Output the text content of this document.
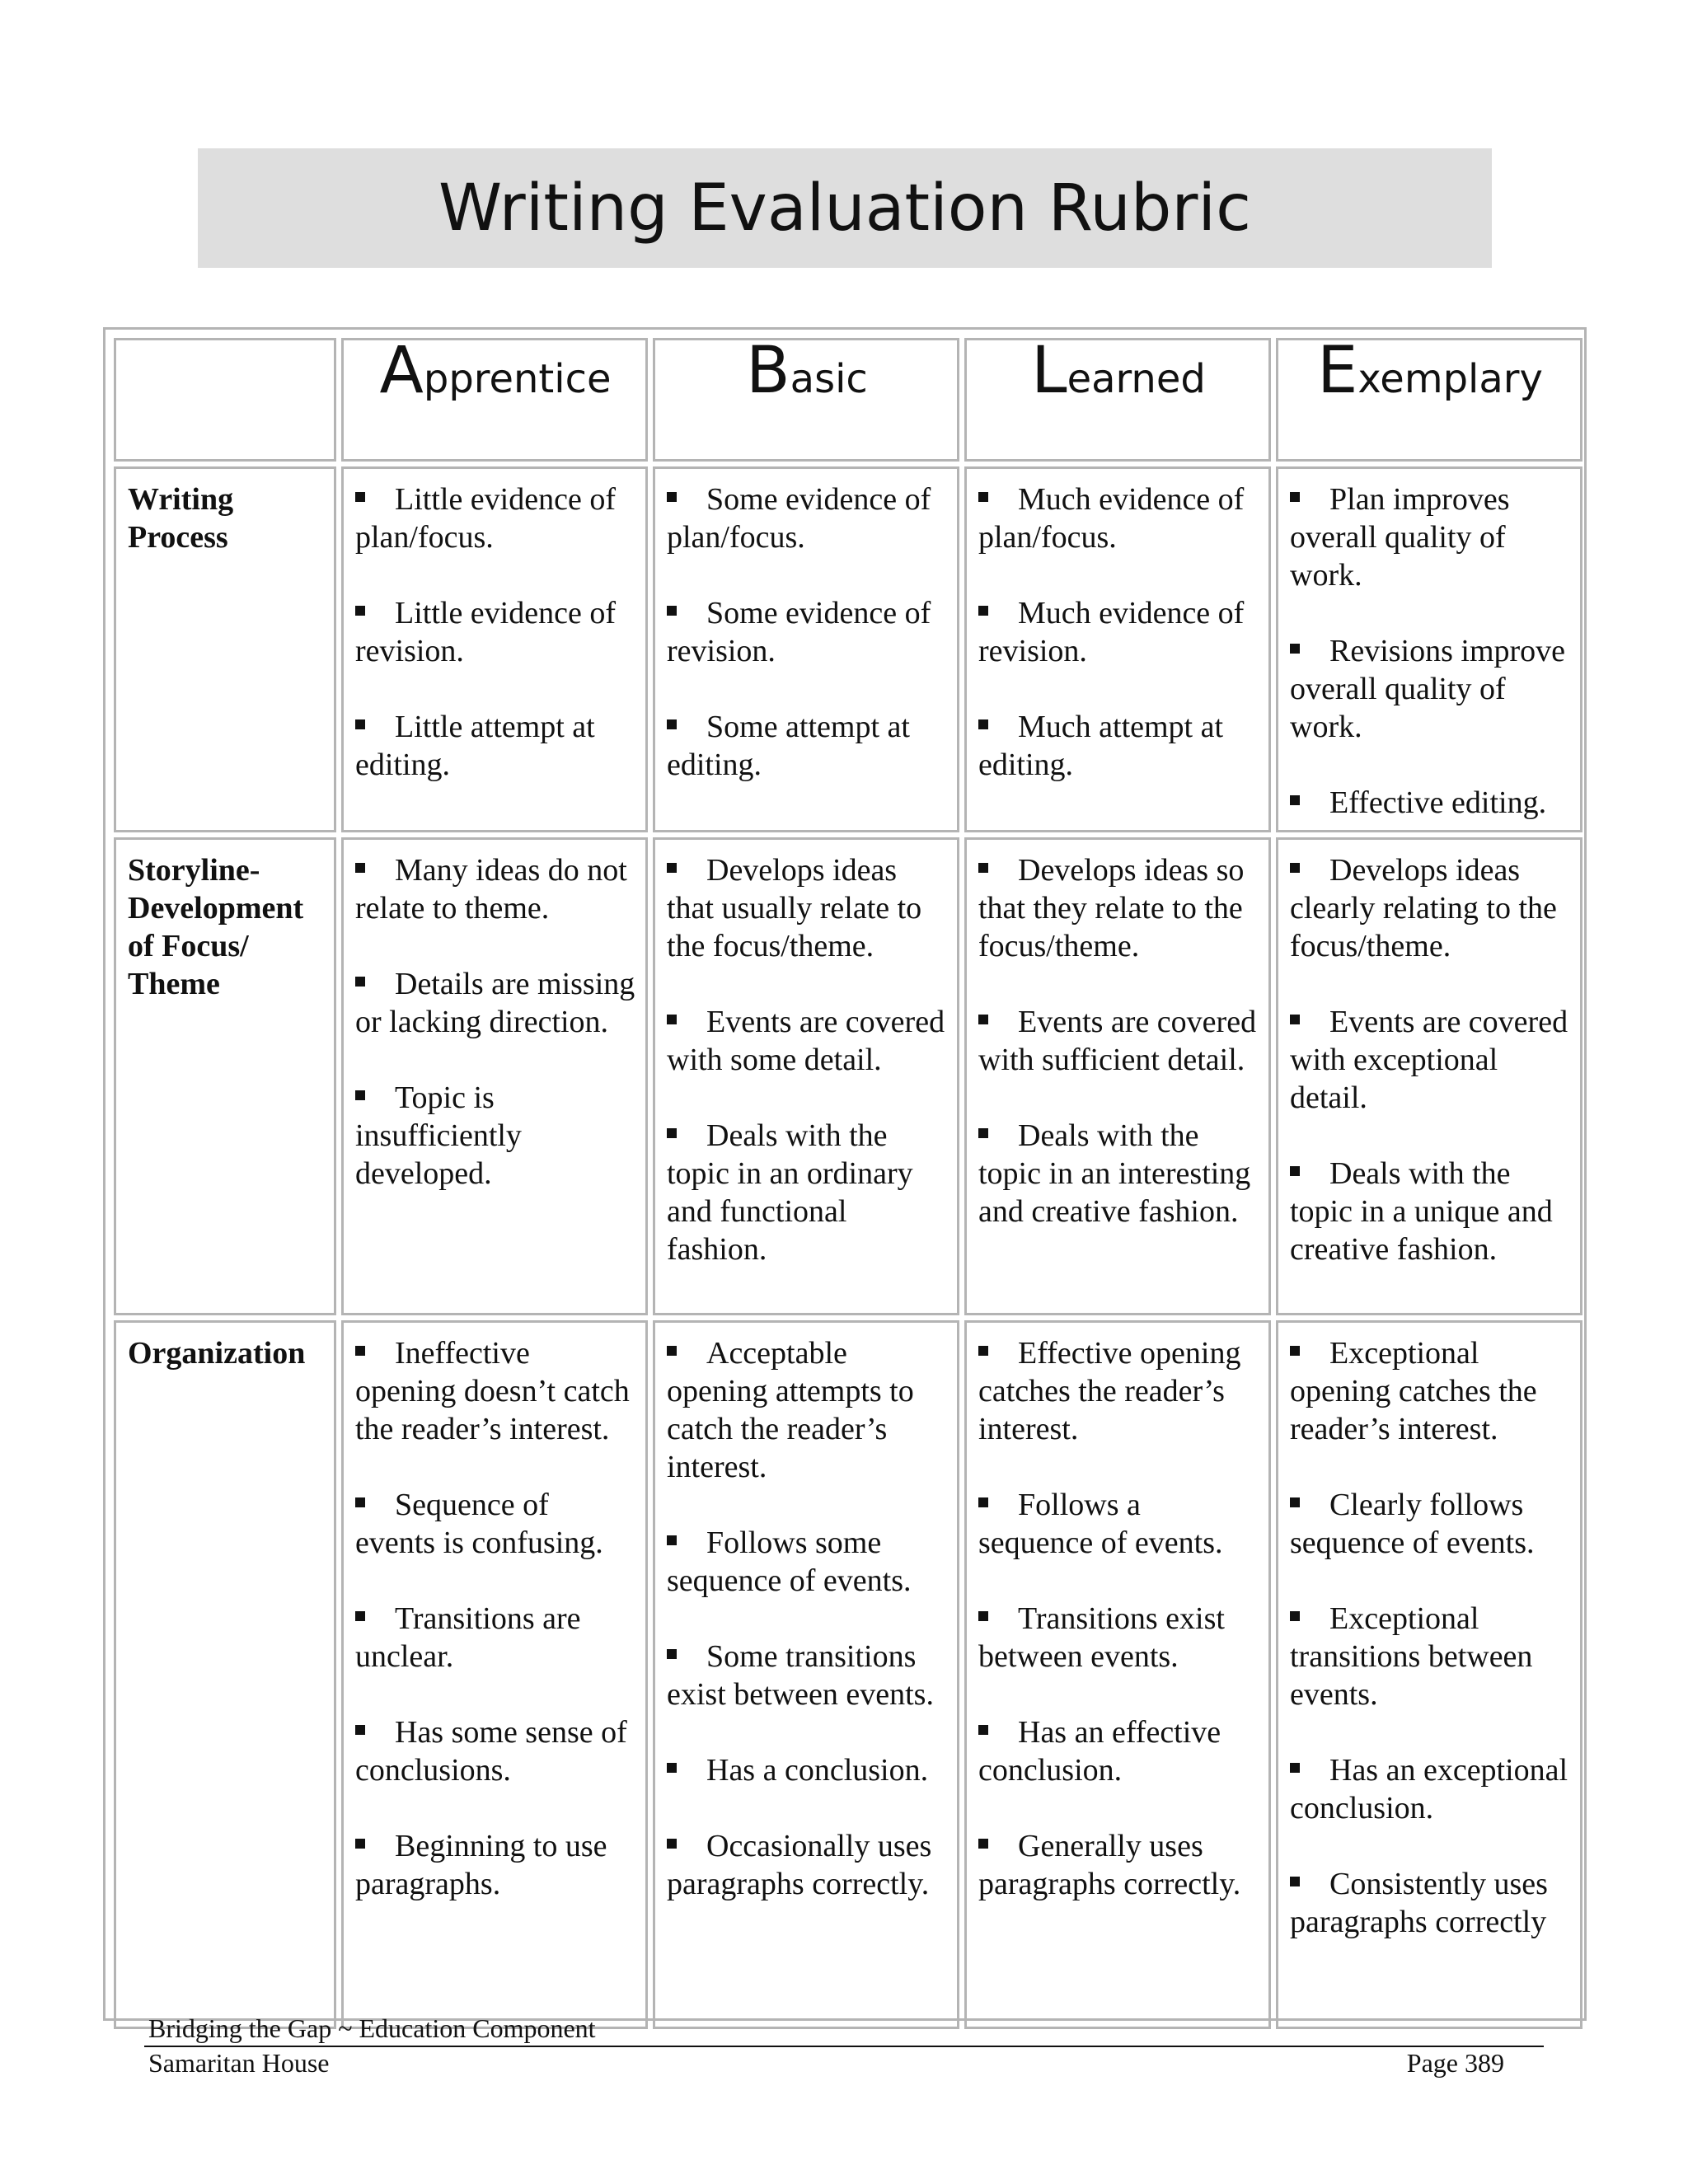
Writing Evaluation Rubric
	Apprentice	Basic	Learned	Exemplary

Writing Process	Little evidence of plan/focus.
Little evidence of revision.
Little attempt at editing.	Some evidence of plan/focus.
Some evidence of revision.
Some attempt at editing.	Much evidence of plan/focus.
Much evidence of revision.
Much attempt at editing.	Plan improves overall quality of work.
Revisions improve overall quality of work.
Effective editing.

Storyline- Development of Focus/ Theme	Many ideas do not relate to theme.
Details are missing or lacking direction.
Topic is insufficiently developed.	Develops ideas that usually relate to the focus/theme.
Events are covered with some detail.
Deals with the topic in an ordinary and functional fashion.	Develops ideas so that they relate to the focus/theme.
Events are covered with sufficient detail.
Deals with the topic in an interesting and creative fashion.	Develops ideas clearly relating to the focus/theme.
Events are covered with exceptional detail.
Deals with the topic in a unique and creative fashion.

Organization	Ineffective opening doesn’t catch the reader’s interest.
Sequence of events is confusing.
Transitions are unclear.
Has some sense of conclusions.
Beginning to use paragraphs.	Acceptable opening attempts to catch the reader’s interest.
Follows some sequence of events.
Some transitions exist between events.
Has a conclusion.
Occasionally uses paragraphs correctly.	Effective opening catches the reader’s interest.
Follows a sequence of events.
Transitions exist between events.
Has an effective conclusion.
Generally uses paragraphs correctly.	Exceptional opening catches the reader’s interest.
Clearly follows sequence of events.
Exceptional transitions between events.
Has an exceptional conclusion.
Consistently uses paragraphs correctly
Bridging the Gap ~ Education Component
Samaritan House	Page 389
